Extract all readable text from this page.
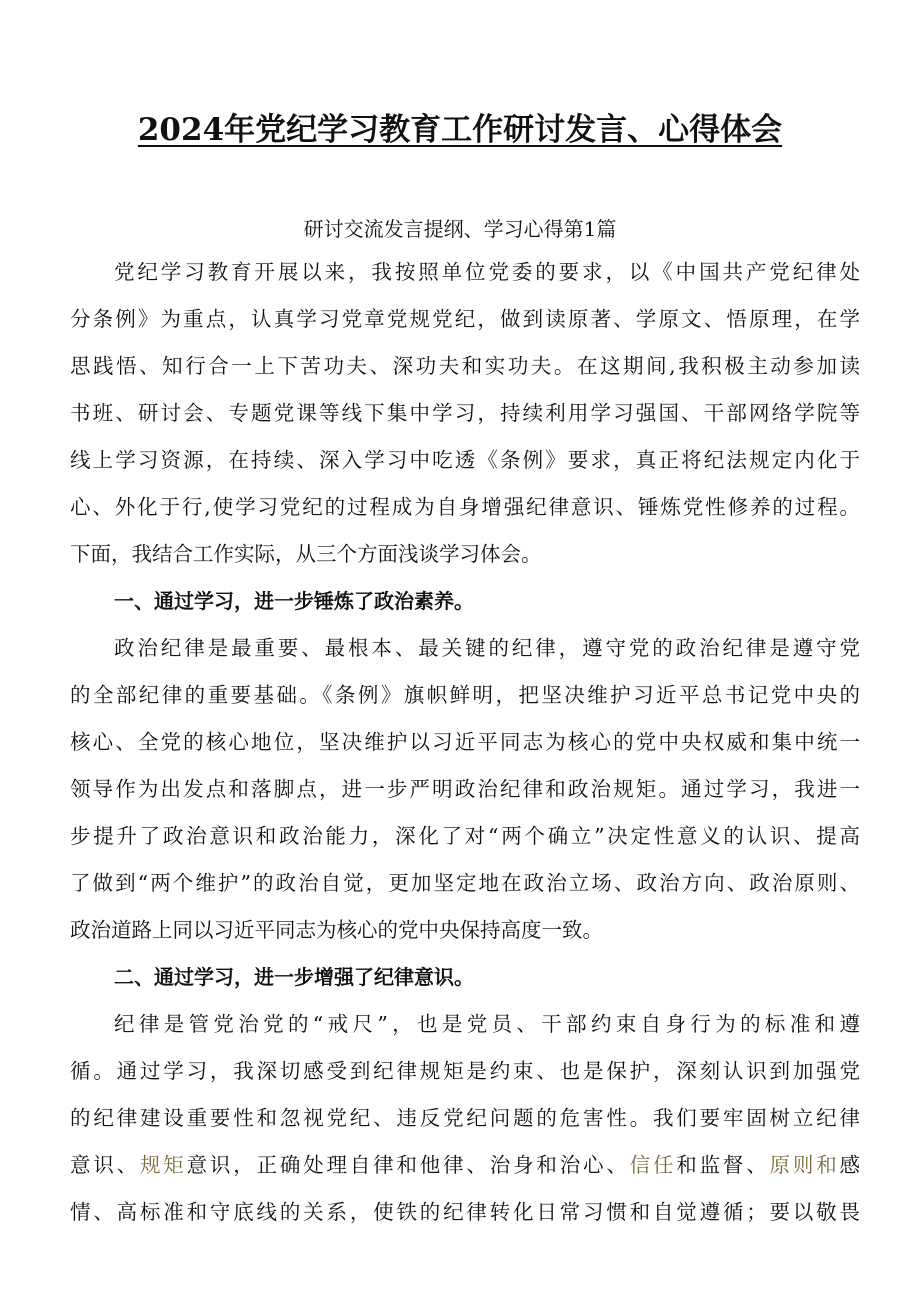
2024年党纪学习教育工作研讨发言、心得体会
研讨交流发言提纲、学习心得第1篇
党纪学习教育开展以来，我按照单位党委的要求，以《中国共产党纪律处
分条例》为重点，认真学习党章党规党纪，做到读原著、学原文、悟原理，在学
思践悟、知行合一上下苦功夫、深功夫和实功夫。在这期间,我积极主动参加读
书班、研讨会、专题党课等线下集中学习，持续利用学习强国、干部网络学院等
线上学习资源，在持续、深入学习中吃透《条例》要求，真正将纪法规定内化于
心、外化于行,使学习党纪的过程成为自身增强纪律意识、锤炼党性修养的过程。
下面，我结合工作实际，从三个方面浅谈学习体会。
一、通过学习，进一步锤炼了政治素养。
政治纪律是最重要、最根本、最关键的纪律，遵守党的政治纪律是遵守党
的全部纪律的重要基础。《条例》旗帜鲜明，把坚决维护习近平总书记党中央的
核心、全党的核心地位，坚决维护以习近平同志为核心的党中央权威和集中统一
领导作为出发点和落脚点，进一步严明政治纪律和政治规矩。通过学习，我进一
步提升了政治意识和政治能力，深化了对“两个确立”决定性意义的认识、提高
了做到“两个维护”的政治自觉，更加坚定地在政治立场、政治方向、政治原则、
政治道路上同以习近平同志为核心的党中央保持高度一致。
二、通过学习，进一步增强了纪律意识。
纪律是管党治党的“戒尺”，也是党员、干部约束自身行为的标准和遵
循。通过学习，我深切感受到纪律规矩是约束、也是保护，深刻认识到加强党
的纪律建设重要性和忽视党纪、违反党纪问题的危害性。我们要牢固树立纪律
意识、规矩意识，正确处理自律和他律、治身和治心、信任和监督、原则和感
情、高标准和守底线的关系，使铁的纪律转化日常习惯和自觉遵循；要以敬畏
